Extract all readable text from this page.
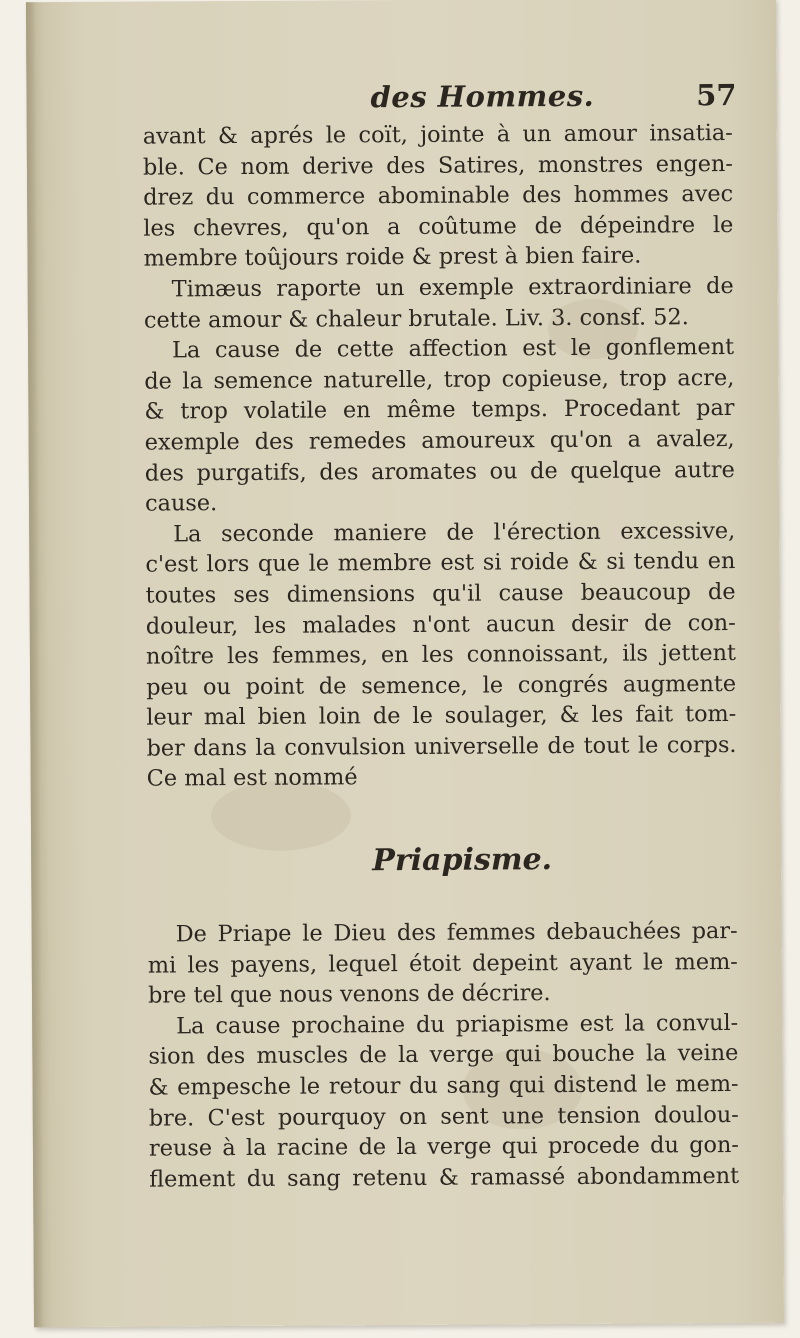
des Hommes.	57

avant & aprés le coït, jointe à un amour insatia-

ble. Ce nom derive des Satires, monstres engen-

drez du commerce abominable des hommes avec

les chevres, qu'on a coûtume de dépeindre le

membre toûjours roide & prest à bien faire.

Timæus raporte un exemple extraordiniare de

cette amour & chaleur brutale. Liv. 3. consf. 52.

La cause de cette affection est le gonflement

de la semence naturelle, trop copieuse, trop acre,

& trop volatile en même temps. Procedant par

exemple des remedes amoureux qu'on a avalez,

des purgatifs, des aromates ou de quelque autre

cause.

La seconde maniere de l'érection excessive,

c'est lors que le membre est si roide & si tendu en

toutes ses dimensions qu'il cause beaucoup de

douleur, les malades n'ont aucun desir de con-

noître les femmes, en les connoissant, ils jettent

peu ou point de semence, le congrés augmente

leur mal bien loin de le soulager, & les fait tom-

ber dans la convulsion universelle de tout le corps.

Ce mal est nommé

Priapisme.

De Priape le Dieu des femmes debauchées par-

mi les payens, lequel étoit depeint ayant le mem-

bre tel que nous venons de décrire.

La cause prochaine du priapisme est la convul-

sion des muscles de la verge qui bouche la veine

& empesche le retour du sang qui distend le mem-

bre. C'est pourquoy on sent une tension doulou-

reuse à la racine de la verge qui procede du gon-

flement du sang retenu & ramassé abondamment
